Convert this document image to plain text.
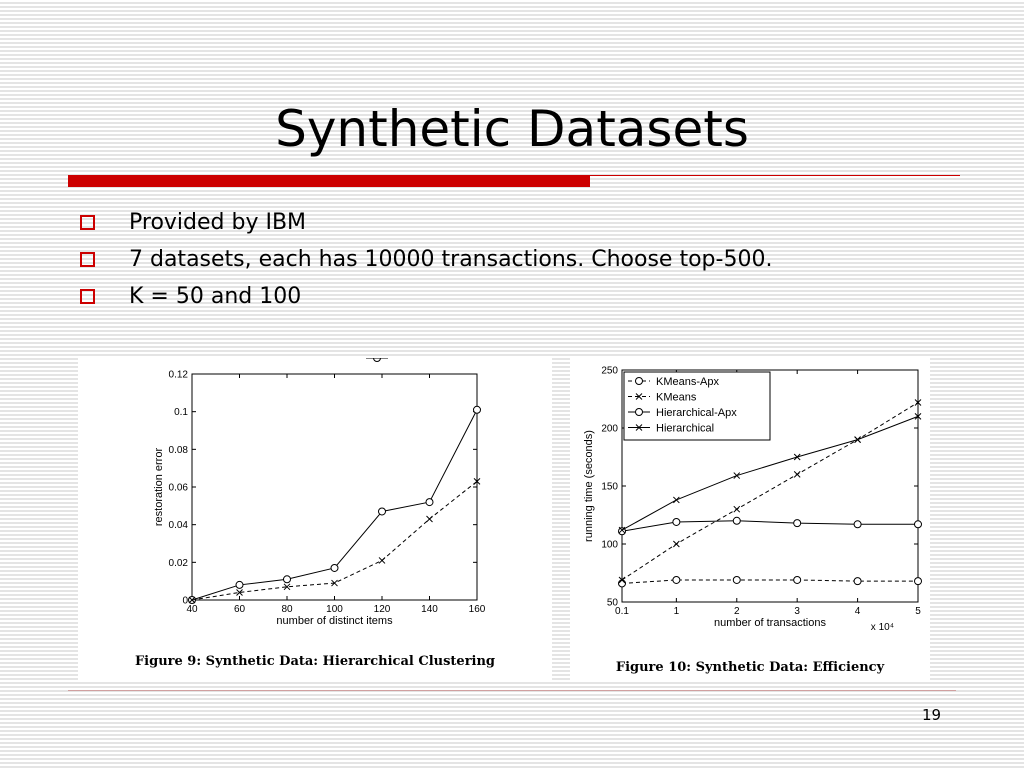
Synthetic Datasets
Provided by IBM
7 datasets, each has 10000 transactions. Choose top-500.
K = 50 and 100
40	60	80	100	120	140	160
0
0.02
0.04
0.06
0.08
0.1
0.12
number of distinct items
restoration error
Figure 9: Synthetic Data: Hierarchical Clustering
x 10⁴
0.1	1	2	3	4	5
50
100
150
200
250
number of transactions
running time (seconds)
KMeans-Apx
KMeans
Hierarchical-Apx
Hierarchical
Figure 10: Synthetic Data: Efficiency
19
